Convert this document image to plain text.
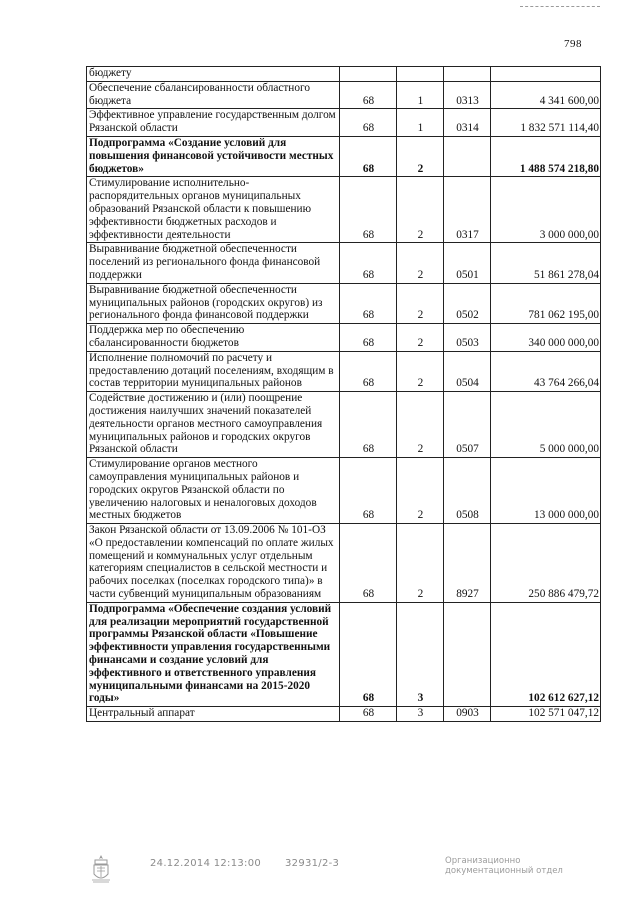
798
бюджету				
Обеспечение сбалансированности областного бюджета	68	1	0313	4 341 600,00
Эффективное управление государственным долгом Рязанской области	68	1	0314	1 832 571 114,40
Подпрограмма «Создание условий для повышения финансовой устойчивости местных бюджетов»	68	2		1 488 574 218,80
Стимулирование исполнительно-распорядительных органов муниципальных образований Рязанской области к повышению эффективности бюджетных расходов и эффективности деятельности	68	2	0317	3 000 000,00
Выравнивание бюджетной обеспеченности поселений из регионального фонда финансовой поддержки	68	2	0501	51 861 278,04
Выравнивание бюджетной обеспеченности муниципальных районов (городских округов) из регионального фонда финансовой поддержки	68	2	0502	781 062 195,00
Поддержка мер по обеспечению сбалансированности бюджетов	68	2	0503	340 000 000,00
Исполнение полномочий по расчету и предоставлению дотаций поселениям, входящим в состав территории муниципальных районов	68	2	0504	43 764 266,04
Содействие достижению и (или) поощрение достижения наилучших значений показателей деятельности органов местного самоуправления муниципальных районов и городских округов Рязанской области	68	2	0507	5 000 000,00
Стимулирование органов местного самоуправления муниципальных районов и городских округов Рязанской области по увеличению налоговых и неналоговых доходов местных бюджетов	68	2	0508	13 000 000,00
Закон Рязанской области от 13.09.2006 № 101-ОЗ «О предоставлении компенсаций по оплате жилых помещений и коммунальных услуг отдельным категориям специалистов в сельской местности и рабочих поселках (поселках городского типа)» в части субвенций муниципальным образованиям	68	2	8927	250 886 479,72
Подпрограмма «Обеспечение создания условий для реализации мероприятий государственной программы Рязанской области «Повышение эффективности управления государственными финансами и создание условий для эффективного и ответственного управления муниципальными финансами на 2015-2020 годы»	68	3		102 612 627,12
Центральный аппарат	68	3	0903	102 571 047,12
24.12.2014 12:13:00 32931/2-3	Организационно
документационный отдел
